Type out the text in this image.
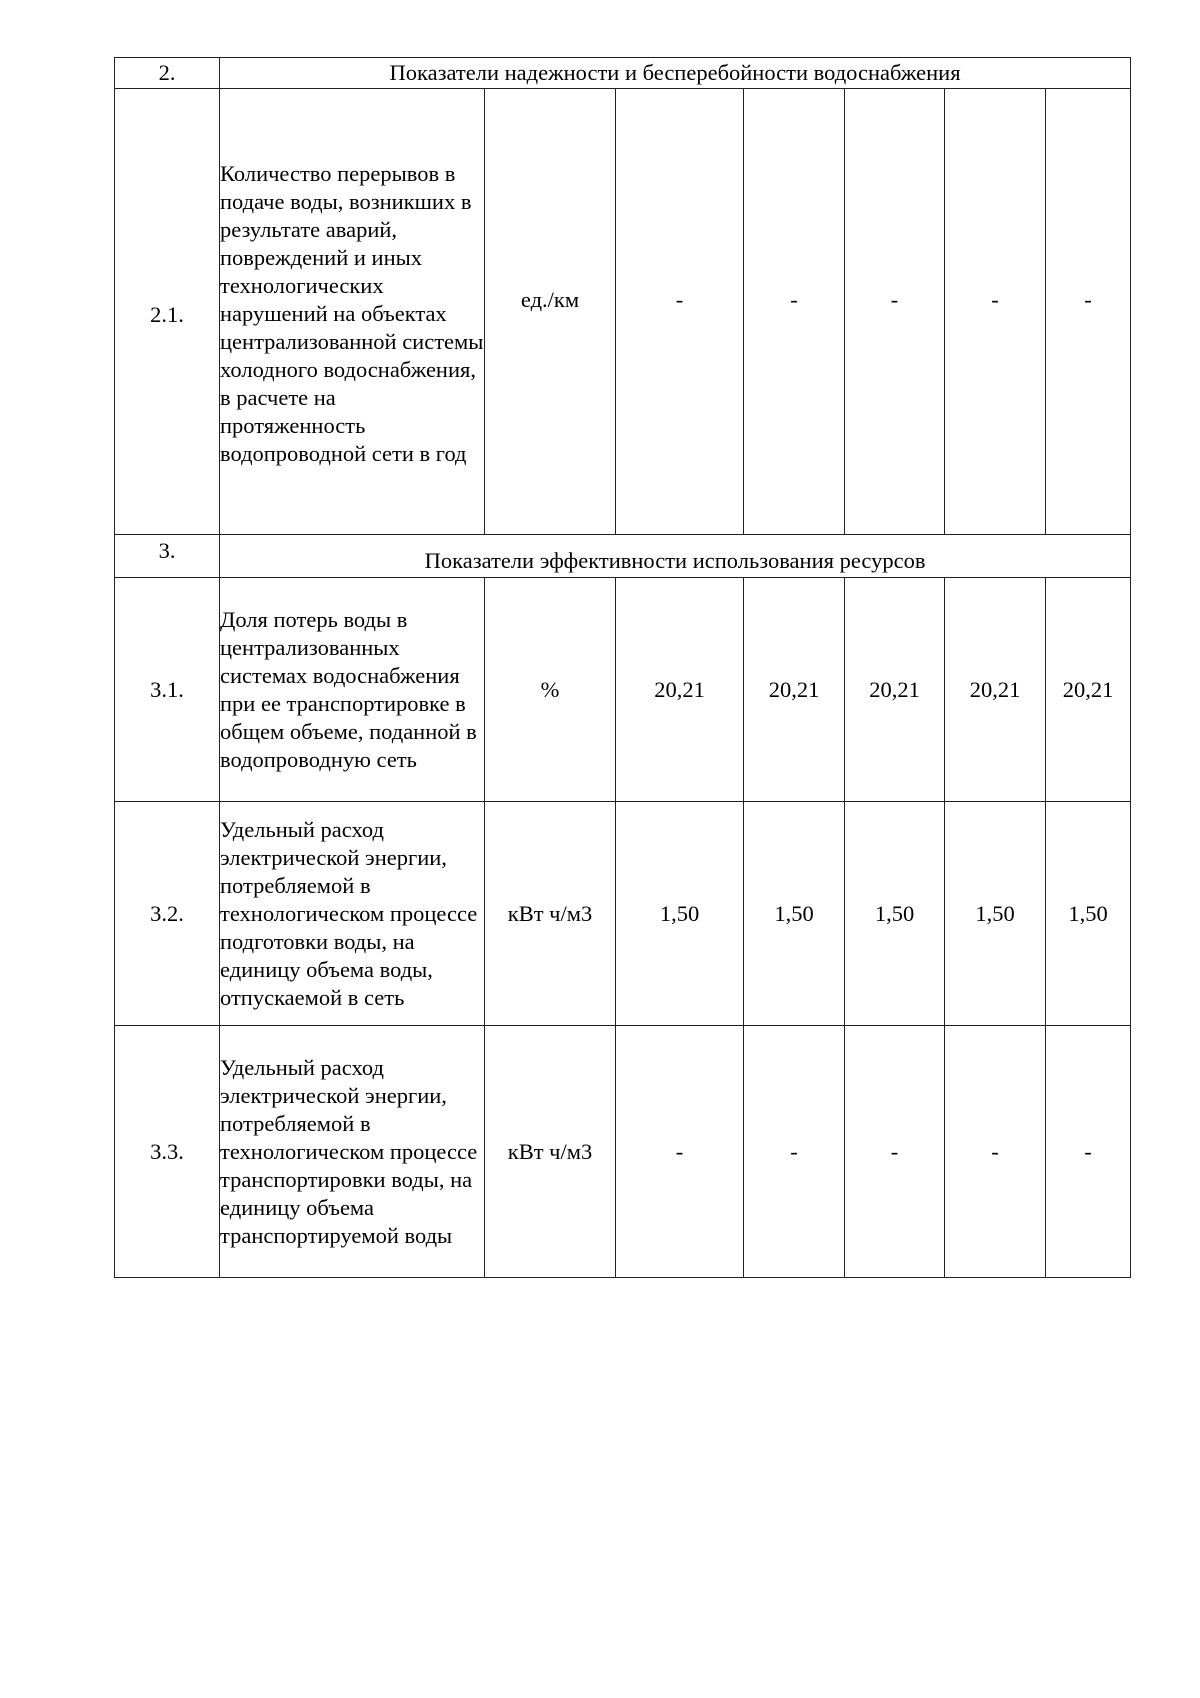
2.	Показатели надежности и бесперебойности водоснабжения						
2.1.	Количество перерывов в подаче воды, возникших в результате аварий, повреждений и иных технологических нарушений на объектах централизованной системы холодного водоснабжения, в расчете на протяженность водопроводной сети в год	ед./км	-	-	-	-	-
3.	Показатели эффективности использования ресурсов						
3.1.	Доля потерь воды в централизованных системах водоснабжения при ее транспортировке в общем объеме, поданной в водопроводную сеть	%	20,21	20,21	20,21	20,21	20,21
3.2.	Удельный расход электрической энергии, потребляемой в технологическом процессе подготовки воды, на единицу объема воды, отпускаемой в сеть	кВт ч/м3	1,50	1,50	1,50	1,50	1,50
3.3.	Удельный расход электрической энергии, потребляемой в технологическом процессе транспортировки воды, на единицу объема транспортируемой воды	кВт ч/м3	-	-	-	-	-
